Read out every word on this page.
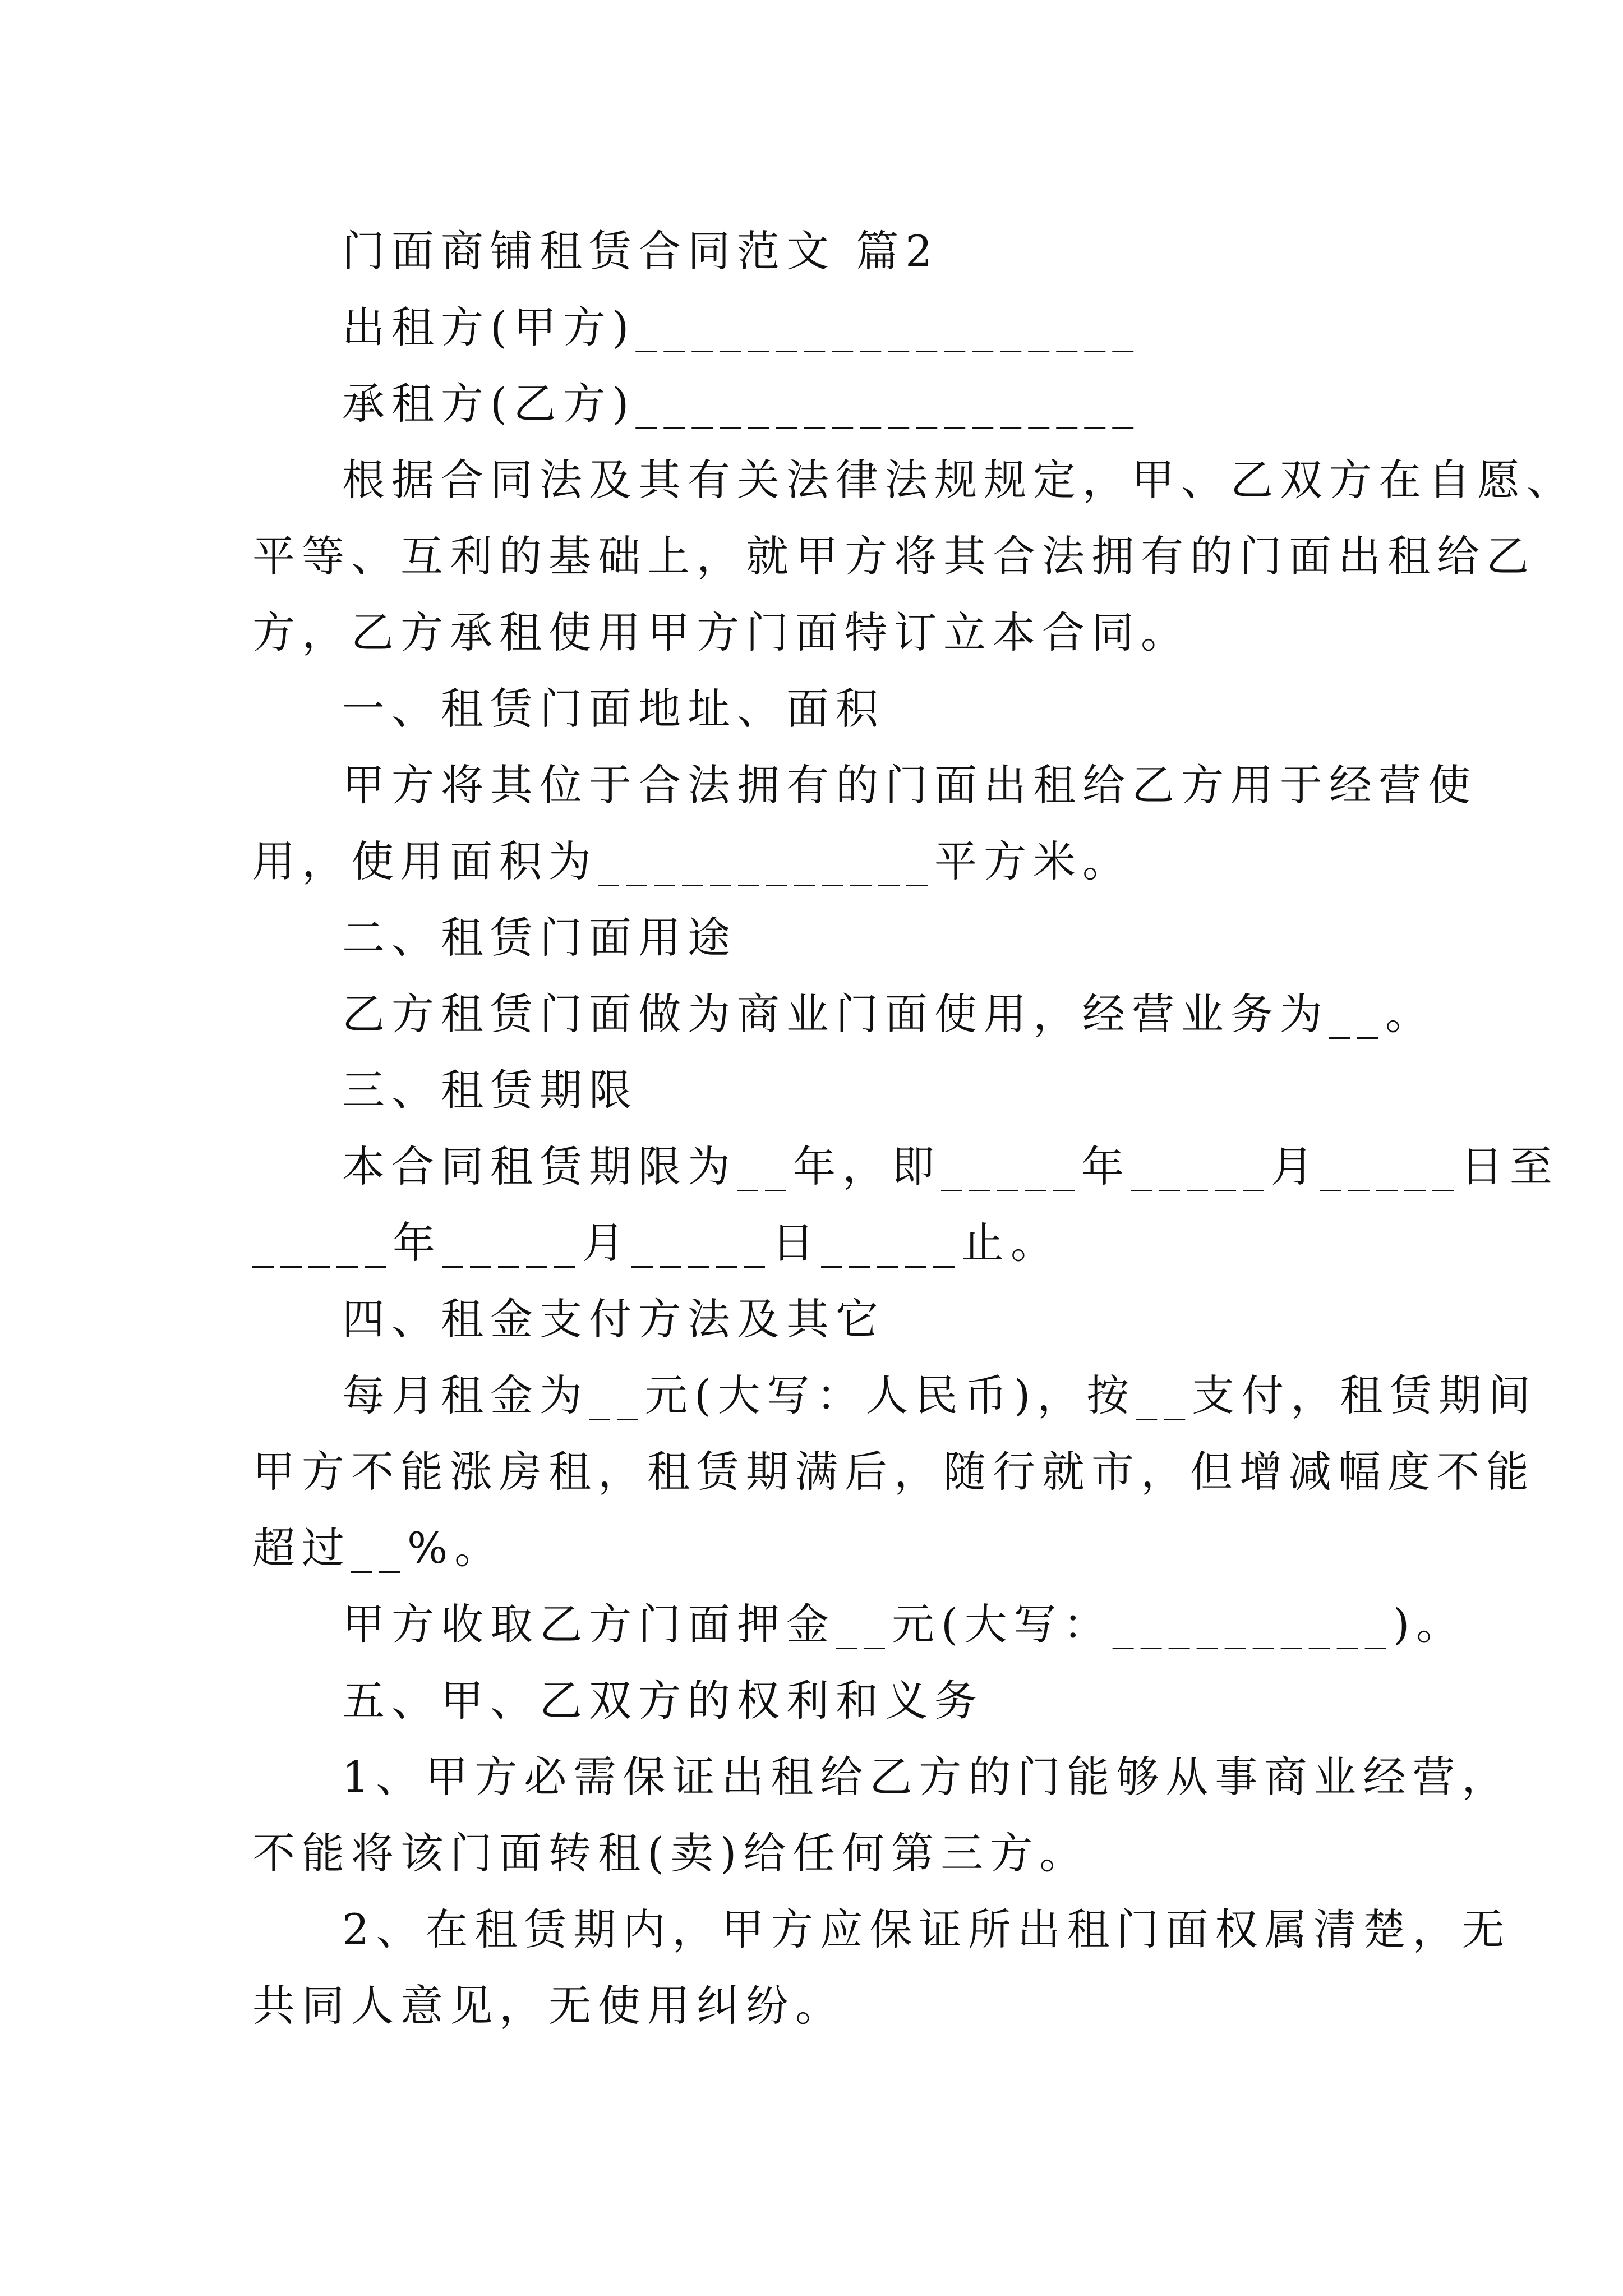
门面商铺租赁合同范文 篇2

出租方(甲方)__________________

承租方(乙方)__________________

根据合同法及其有关法律法规规定，甲、乙双方在自愿、

平等、互利的基础上，就甲方将其合法拥有的门面出租给乙

方，乙方承租使用甲方门面特订立本合同。

一、租赁门面地址、面积

甲方将其位于合法拥有的门面出租给乙方用于经营使

用，使用面积为____________平方米。

二、租赁门面用途

乙方租赁门面做为商业门面使用，经营业务为__。

三、租赁期限

本合同租赁期限为__年，即_____年_____月_____日至

_____年_____月_____日_____止。

四、租金支付方法及其它

每月租金为__元(大写：人民币)，按__支付，租赁期间

甲方不能涨房租，租赁期满后，随行就市，但增减幅度不能

超过__%。

甲方收取乙方门面押金__元(大写：__________)。

五、甲、乙双方的权利和义务

1、甲方必需保证出租给乙方的门能够从事商业经营，

不能将该门面转租(卖)给任何第三方。

2、在租赁期内，甲方应保证所出租门面权属清楚，无

共同人意见，无使用纠纷。
